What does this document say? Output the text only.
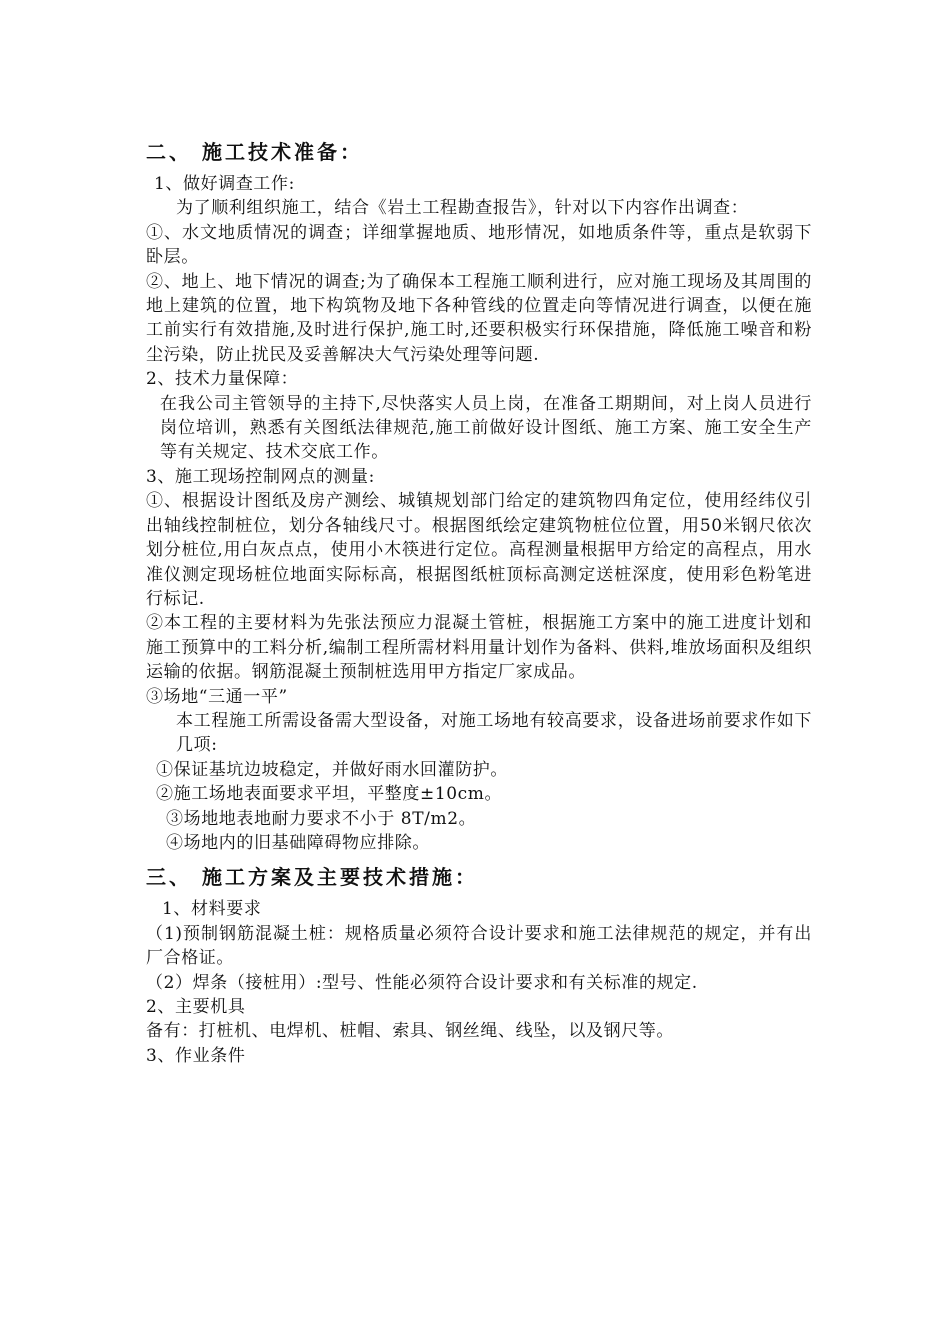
二、 施工技术准备：
1、做好调查工作:
为了顺利组织施工，结合《岩土工程勘查报告》，针对以下内容作出调查：
①、水文地质情况的调查；详细掌握地质、地形情况，如地质条件等，重点是软弱下卧层。
②、地上、地下情况的调查;为了确保本工程施工顺利进行，应对施工现场及其周围的地上建筑的位置，地下构筑物及地下各种管线的位置走向等情况进行调查，以便在施工前实行有效措施,及时进行保护,施工时,还要积极实行环保措施，降低施工噪音和粉尘污染，防止扰民及妥善解决大气污染处理等问题.
2、技术力量保障：
在我公司主管领导的主持下,尽快落实人员上岗，在准备工期期间，对上岗人员进行岗位培训，熟悉有关图纸法律规范,施工前做好设计图纸、施工方案、施工安全生产等有关规定、技术交底工作。
3、施工现场控制网点的测量:
①、根据设计图纸及房产测绘、城镇规划部门给定的建筑物四角定位，使用经纬仪引出轴线控制桩位，划分各轴线尺寸。根据图纸绘定建筑物桩位位置，用50米钢尺依次划分桩位,用白灰点点，使用小木筷进行定位。高程测量根据甲方给定的高程点，用水准仪测定现场桩位地面实际标高，根据图纸桩顶标高测定送桩深度，使用彩色粉笔进行标记.
②本工程的主要材料为先张法预应力混凝土管桩，根据施工方案中的施工进度计划和施工预算中的工料分析,编制工程所需材料用量计划作为备料、供料,堆放场面积及组织运输的依据。钢筋混凝土预制桩选用甲方指定厂家成品。
③场地“三通一平”
本工程施工所需设备需大型设备，对施工场地有较高要求，设备进场前要求作如下几项:
①保证基坑边坡稳定，并做好雨水回灌防护。
②施工场地表面要求平坦，平整度±10cm。
③场地地表地耐力要求不小于 8T/m2。
④场地内的旧基础障碍物应排除。
三、 施工方案及主要技术措施：
1、材料要求
（1)预制钢筋混凝土桩：规格质量必须符合设计要求和施工法律规范的规定，并有出厂合格证。
（2）焊条（接桩用）:型号、性能必须符合设计要求和有关标准的规定.
2、主要机具
备有：打桩机、电焊机、桩帽、索具、钢丝绳、线坠，以及钢尺等。
3、作业条件
